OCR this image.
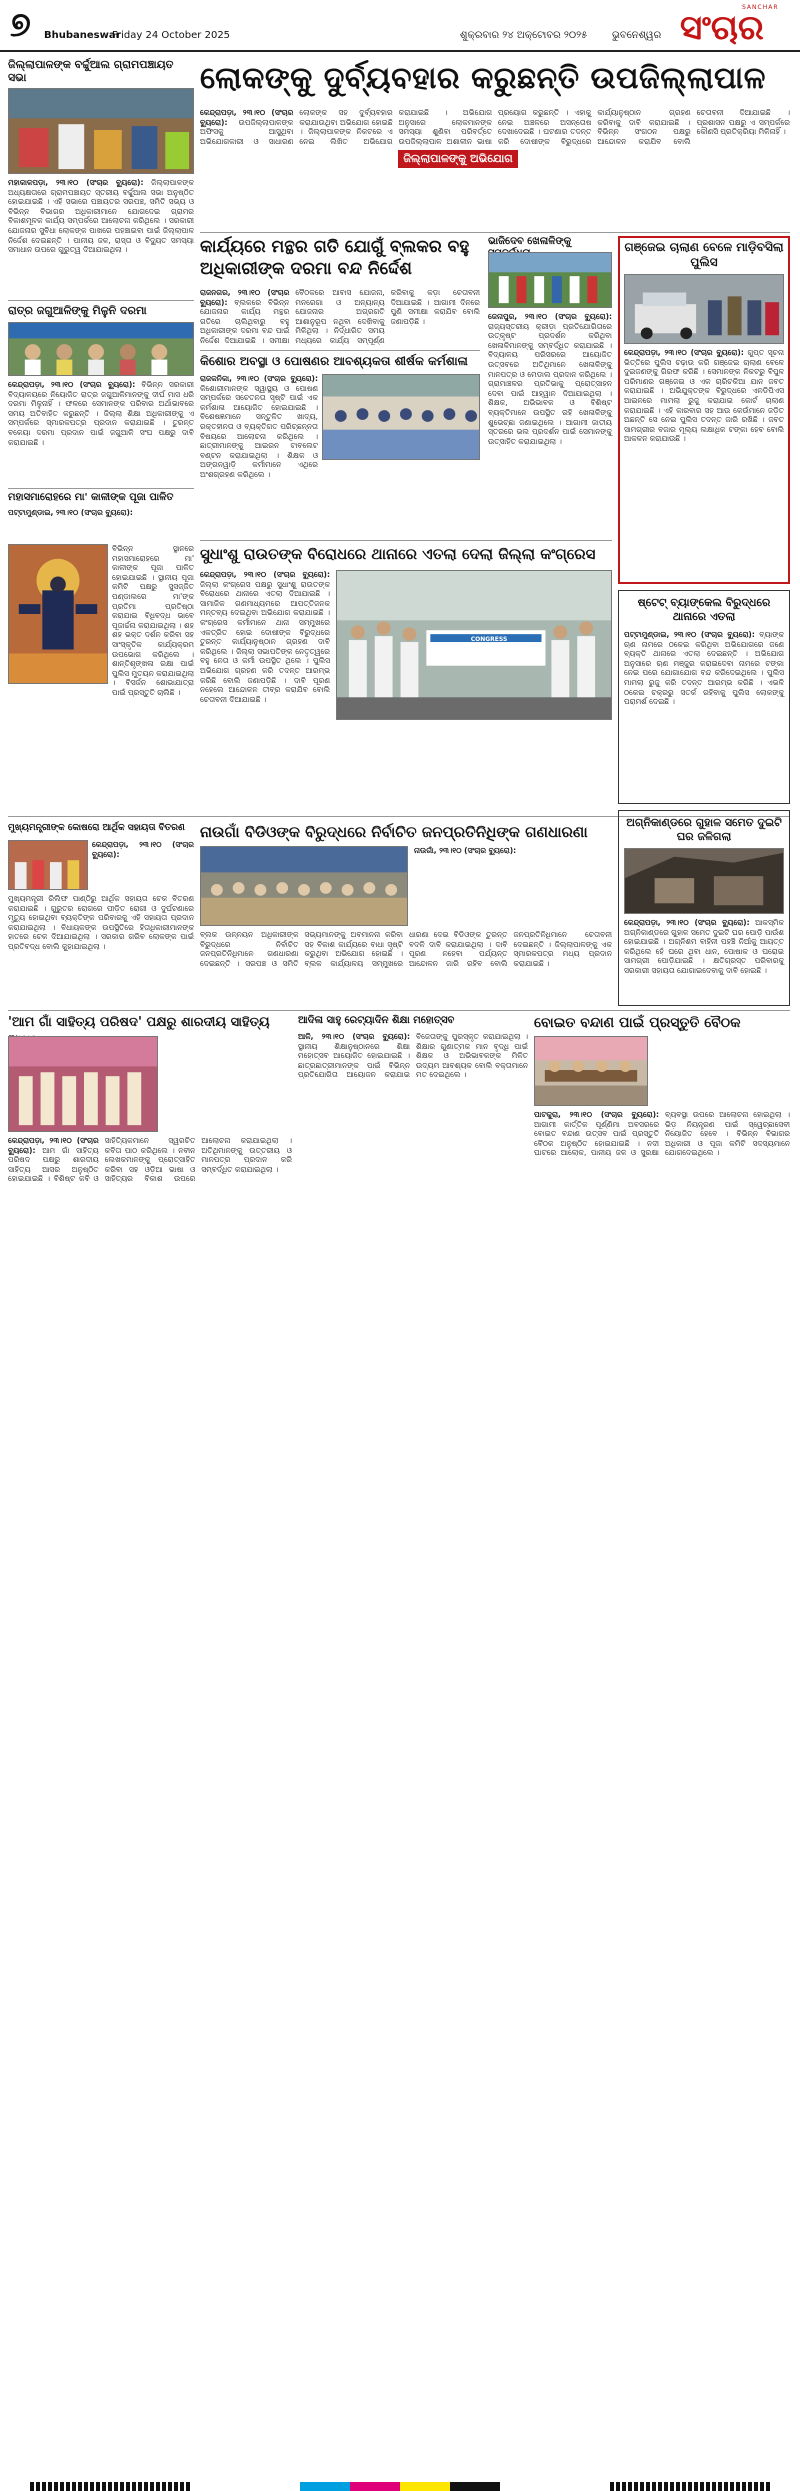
୭ Bhubaneswar
Friday 24 October 2025	ଶୁକ୍ରବାର ୨୪ ଅକ୍ଟୋବର ୨୦୨୫ ଭୁବନେଶ୍ୱର
SANCHAR
ସଂଚାର
ଜିଲ୍ଲାପାଳଙ୍କ ବର୍ଚ୍ଚୁଆଲ ଗ୍ରାମପଞ୍ଚାୟତ ସଭା
ମହାକାଳପଡ଼ା, ୨୩।୧୦ (ସଂଚାର ବ୍ୟୁରୋ): ଜିଲ୍ଲାପାଳଙ୍କ ଅଧ୍ୟକ୍ଷତାରେ ଗ୍ରାମପଞ୍ଚାୟତ ସ୍ତରୀୟ ବର୍ଚ୍ଚୁଆଲ ସଭା ଅନୁଷ୍ଠିତ ହୋଇଯାଇଛି । ଏହି ସଭାରେ ପଞ୍ଚାୟତର ସରପଞ୍ଚ, ସମିତି ସଭ୍ୟ ଓ ବିଭିନ୍ନ ବିଭାଗର ଅଧିକାରୀମାନେ ଯୋଗଦେଇ ଗ୍ରାମର ବିକାଶମୂଳକ କାର୍ଯ୍ୟ ସମ୍ପର୍କରେ ଆଲୋଚନା କରିଥିଲେ । ସରକାରୀ ଯୋଜନାର ସୁବିଧା ଲୋକଙ୍କ ପାଖରେ ପହଞ୍ଚାଇବା ପାଇଁ ଜିଲ୍ଲାପାଳ ନିର୍ଦ୍ଦେଶ ଦେଇଛନ୍ତି । ପାନୀୟ ଜଳ, ରାସ୍ତା ଓ ବିଦ୍ୟୁତ ସମସ୍ୟା ସମାଧାନ ଉପରେ ଗୁରୁତ୍ୱ ଦିଆଯାଇଥିଲା ।
ରାତ୍ର ଜଗୁଆଳିଙ୍କୁ ମିଳୁନି ଦରମା
କେନ୍ଦ୍ରାପଡ଼ା, ୨୩।୧୦ (ସଂଚାର ବ୍ୟୁରୋ): ବିଭିନ୍ନ ସରକାରୀ ବିଦ୍ୟାଳୟରେ ନିୟୋଜିତ ରାତ୍ର ଜଗୁଆଳିମାନଙ୍କୁ ଦୀର୍ଘ ମାସ ଧରି ଦରମା ମିଳୁନାହିଁ । ଫଳରେ ସେମାନଙ୍କ ପରିବାର ଅର୍ଥାଭାବରେ ସମୟ ଅତିବାହିତ କରୁଛନ୍ତି । ଜିଲ୍ଲା ଶିକ୍ଷା ଅଧିକାରୀଙ୍କୁ ଏ ସମ୍ପର୍କରେ ସ୍ମାରକପତ୍ର ପ୍ରଦାନ କରାଯାଇଛି । ତୁରନ୍ତ ବକେୟା ଦରମା ପ୍ରଦାନ ପାଇଁ ଜଗୁଆଳି ସଂଘ ପକ୍ଷରୁ ଦାବି କରାଯାଇଛି ।
ମହାସମାରୋହରେ ମା' କାଳୀଙ୍କ ପୂଜା ପାଳିତ
ପଟ୍ଟାମୁଣ୍ଡାଇ, ୨୩।୧୦ (ସଂଚାର ବ୍ୟୁରୋ):
ବିଭିନ୍ନ ସ୍ଥାନରେ ମହାସମାରୋହରେ ମା' କାଳୀଙ୍କ ପୂଜା ପାଳିତ ହୋଇଯାଇଛି । ସ୍ଥାନୀୟ ପୂଜା କମିଟି ପକ୍ଷରୁ ସୁସଜ୍ଜିତ ପଣ୍ଡାଲରେ ମା'ଙ୍କ ପ୍ରତିମା ପ୍ରତିଷ୍ଠା କରାଯାଇ ବିଧିବଦ୍ଧ ଭାବେ ପୂଜାର୍ଚ୍ଚନା କରାଯାଇଥିଲା । ଶହ ଶହ ଭକ୍ତ ଦର୍ଶନ କରିବା ସହ ସାଂସ୍କୃତିକ କାର୍ଯ୍ୟକ୍ରମ ଉପଭୋଗ କରିଥିଲେ । ଶାନ୍ତିଶୃଙ୍ଖଳା ରକ୍ଷା ପାଇଁ ପୁଲିସ ମୁତୟନ କରାଯାଇଥିଲା । ବିସର୍ଜନ ଶୋଭାଯାତ୍ରା ପାଇଁ ପ୍ରସ୍ତୁତି ଚାଲିଛି ।
ଲୋକଙ୍କୁ ଦୁର୍ବ୍ୟବହାର କରୁଛନ୍ତି ଉପଜିଲ୍ଲାପାଳ
କେନ୍ଦ୍ରାପଡ଼ା, ୨୩।୧୦ (ସଂଚାର ବ୍ୟୁରୋ): ଉପଜିଲ୍ଲାପାଳଙ୍କ ଅଫିସକୁ ଆସୁଥିବା ଅଭିଯୋଗକାରୀ ଓ ସାଧାରଣ ଲୋକଙ୍କ ସହ ଦୁର୍ବ୍ୟବହାର କରାଯାଉଥିବା ଅଭିଯୋଗ ହୋଇଛି । ଜିଲ୍ଲାପାଳଙ୍କ ନିକଟରେ ଏ ନେଇ ଲିଖିତ ଅଭିଯୋଗ କରାଯାଇଛି । ଅଭିଯୋଗ ଅନୁସାରେ ଲୋକମାନଙ୍କ ସମସ୍ୟା ଶୁଣିବା ପରିବର୍ତ୍ତେ ଉପଜିଲ୍ଲାପାଳ ଅଶାଳୀନ ଭାଷା ପ୍ରୟୋଗ କରୁଛନ୍ତି । ଏହାକୁ ନେଇ ଅଞ୍ଚଳରେ ଅସନ୍ତୋଷ ଦେଖାଦେଇଛି । ଘଟଣାର ତଦନ୍ତ କରି ଦୋଷୀଙ୍କ ବିରୁଦ୍ଧରେ କାର୍ଯ୍ୟାନୁଷ୍ଠାନ ଗ୍ରହଣ କରିବାକୁ ଦାବି କରାଯାଇଛି । ବିଭିନ୍ନ ସଂଗଠନ ପକ୍ଷରୁ ଆନ୍ଦୋଳନ କରାଯିବ ବୋଲି ଚେତାବନୀ ଦିଆଯାଇଛି । ପ୍ରଶାସନ ପକ୍ଷରୁ ଏ ସମ୍ପର୍କରେ କୌଣସି ପ୍ରତିକ୍ରିୟା ମିଳିନାହିଁ ।
ଜିଲ୍ଲାପାଳଙ୍କୁ ଅଭିଯୋଗ
କାର୍ଯ୍ୟରେ ମନ୍ଥର ଗତି ଯୋଗୁଁ ବ୍ଲକର ବହୁ ଅଧିକାରୀଙ୍କ ଦରମା ବନ୍ଦ ନିର୍ଦ୍ଦେଶ
ରାଜନଗର, ୨୩।୧୦ (ସଂଚାର ବ୍ୟୁରୋ): ବ୍ଲକରେ ବିଭିନ୍ନ ଯୋଜନାର କାର୍ଯ୍ୟ ମନ୍ଥର ଗତିରେ ଚାଲିଥିବାରୁ ବହୁ ଅଧିକାରୀଙ୍କ ଦରମା ବନ୍ଦ ପାଇଁ ନିର୍ଦ୍ଦେଶ ଦିଆଯାଇଛି । ସମୀକ୍ଷା ବୈଠକରେ ଆବାସ ଯୋଜନା, ମନରେଗା ଓ ଅନ୍ୟାନ୍ୟ ଯୋଜନାର ଅଗ୍ରଗତି ଆଶାନୁରୂପ ନଥିବା ଦେଖିବାକୁ ମିଳିଥିଲା । ନିର୍ଦ୍ଧାରିତ ସମୟ ମଧ୍ୟରେ କାର୍ଯ୍ୟ ସମ୍ପୂର୍ଣ୍ଣ କରିବାକୁ କଡ଼ା ଚେତାବନୀ ଦିଆଯାଇଛି । ଆଗାମୀ ଦିନରେ ପୁଣି ସମୀକ୍ଷା କରାଯିବ ବୋଲି ଜଣାପଡ଼ିଛି ।
ଭାଜିଦେବ ଖେଳାଳିଙ୍କୁ
ଜେନାପୁର, ୨୩।୧୦ (ସଂଚାର ବ୍ୟୁରୋ): ରାଜ୍ୟସ୍ତରୀୟ କ୍ରୀଡ଼ା ପ୍ରତିଯୋଗିତାରେ ଉତ୍କୃଷ୍ଟ ପ୍ରଦର୍ଶନ କରିଥିବା ଖେଳାଳିମାନଙ୍କୁ ସମ୍ବର୍ଦ୍ଧିତ କରାଯାଇଛି । ବିଦ୍ୟାଳୟ ପରିସରରେ ଆୟୋଜିତ ଉତ୍ସବରେ ଅତିଥିମାନେ ଖେଳାଳିଙ୍କୁ ମାନପତ୍ର ଓ ମେଡାଲ ପ୍ରଦାନ କରିଥିଲେ । ଗ୍ରାମାଞ୍ଚଳର ପ୍ରତିଭାକୁ ପ୍ରୋତ୍ସାହନ ଦେବା ପାଇଁ ଆହ୍ୱାନ ଦିଆଯାଇଥିଲା । ଶିକ୍ଷକ, ଅଭିଭାବକ ଓ ବିଶିଷ୍ଟ ବ୍ୟକ୍ତିମାନେ ଉପସ୍ଥିତ ରହି ଖେଳାଳିଙ୍କୁ ଶୁଭେଚ୍ଛା ଜଣାଇଥିଲେ । ଆଗାମୀ ଜାତୀୟ ସ୍ତରରେ ଭଲ ପ୍ରଦର୍ଶନ ପାଇଁ ସେମାନଙ୍କୁ ଉତ୍ସାହିତ କରାଯାଇଥିଲା ।
କିଶୋର ଅବସ୍ଥା ଓ ପୋଷଣର ଆବଶ୍ୟକତା ଶୀର୍ଷକ କର୍ମଶାଳା
ରାଜକନିକା, ୨୩।୧୦ (ସଂଚାର ବ୍ୟୁରୋ): କିଶୋରୀମାନଙ୍କ ସ୍ୱାସ୍ଥ୍ୟ ଓ ପୋଷଣ ସମ୍ପର୍କରେ ସଚେତନତା ସୃଷ୍ଟି ପାଇଁ ଏକ କର୍ମଶାଳା ଆୟୋଜିତ ହୋଇଯାଇଛି । ବିଶେଷଜ୍ଞମାନେ ସନ୍ତୁଳିତ ଖାଦ୍ୟ, ରକ୍ତହୀନତା ଓ ବ୍ୟକ୍ତିଗତ ପରିଚ୍ଛନ୍ନତା ବିଷୟରେ ଆଲୋଚନା କରିଥିଲେ । ଛାତ୍ରୀମାନଙ୍କୁ ଆଇରନ ଟାବଲେଟ ବଣ୍ଟନ କରାଯାଇଥିଲା । ଶିକ୍ଷକ ଓ ଅଙ୍ଗନୱାଡ଼ି କର୍ମୀମାନେ ଏଥିରେ ଅଂଶଗ୍ରହଣ କରିଥିଲେ ।
ଗଞ୍ଜେଇ ଚାଲାଣ ବେଳେ ମାଡ଼ିବସିଲା ପୁଲିସ
କେନ୍ଦ୍ରାପଡ଼ା, ୨୩।୧୦ (ସଂଚାର ବ୍ୟୁରୋ): ଗୁପ୍ତ ସୂଚନା ଭିତ୍ତିରେ ପୁଲିସ ଚଢ଼ାଉ କରି ଗଞ୍ଜେଇ ଚାଲାଣ ବେଳେ ଦୁଇଜଣଙ୍କୁ ଗିରଫ କରିଛି । ସେମାନଙ୍କ ନିକଟରୁ ବିପୁଳ ପରିମାଣର ଗଞ୍ଜେଇ ଓ ଏକ ଚାରିଚକିଆ ଯାନ ଜବତ କରାଯାଇଛି । ଅଭିଯୁକ୍ତଙ୍କ ବିରୁଦ୍ଧରେ ଏନଡିପିଏସ ଆଇନରେ ମାମଲା ରୁଜୁ କରାଯାଇ କୋର୍ଟ ଚାଲାଣ କରାଯାଇଛି । ଏହି କାରବାର ସହ ଆଉ କେଉଁମାନେ ଜଡ଼ିତ ଅଛନ୍ତି ସେ ନେଇ ପୁଲିସ ତଦନ୍ତ ଜାରି ରଖିଛି । ଜବତ ସାମଗ୍ରୀର ବଜାର ମୂଲ୍ୟ ଲକ୍ଷାଧିକ ଟଙ୍କା ହେବ ବୋଲି ଆକଳନ କରାଯାଉଛି ।
ଷ୍ଟେଟ୍ ବ୍ୟାଙ୍କେଲ ବିରୁଦ୍ଧରେ ଥାନାରେ ଏତଲା
ପଟ୍ଟାମୁଣ୍ଡାଇ, ୨୩।୧୦ (ସଂଚାର ବ୍ୟୁରୋ): ବ୍ୟାଙ୍କ ଋଣ ନାମରେ ଠକେଇ କରିଥିବା ଅଭିଯୋଗରେ ଜଣେ ବ୍ୟକ୍ତି ଥାନାରେ ଏତଲା ଦେଇଛନ୍ତି । ଅଭିଯୋଗ ଅନୁସାରେ ଋଣ ମଞ୍ଜୁର କରାଇଦେବା ନାମରେ ଟଙ୍କା ନେଇ ପରେ ଯୋଗାଯୋଗ ବନ୍ଦ କରିଦେଇଥିଲେ । ପୁଲିସ ମାମଲା ରୁଜୁ କରି ତଦନ୍ତ ଆରମ୍ଭ କରିଛି । ଏଭଳି ଠକେଇ ଚକ୍ରରୁ ସତର୍କ ରହିବାକୁ ପୁଲିସ ଲୋକଙ୍କୁ ପରାମର୍ଶ ଦେଇଛି ।
ସୁଧାଂଶୁ ରାଉତଙ୍କ ବିରୋଧରେ ଥାନାରେ ଏତଲା ଦେଲା ଜିଲ୍ଲା କଂଗ୍ରେସ
କେନ୍ଦ୍ରାପଡ଼ା, ୨୩।୧୦ (ସଂଚାର ବ୍ୟୁରୋ): ଜିଲ୍ଲା କଂଗ୍ରେସ ପକ୍ଷରୁ ସୁଧାଂଶୁ ରାଉତଙ୍କ ବିରୋଧରେ ଥାନାରେ ଏତଲା ଦିଆଯାଇଛି । ସାମାଜିକ ଗଣମାଧ୍ୟମରେ ଆପତ୍ତିଜନକ ମନ୍ତବ୍ୟ ଦେଇଥିବା ଅଭିଯୋଗ କରାଯାଇଛି । କଂଗ୍ରେସ କର୍ମୀମାନେ ଥାନା ସମ୍ମୁଖରେ ଏକତ୍ରିତ ହୋଇ ଦୋଷୀଙ୍କ ବିରୁଦ୍ଧରେ ତୁରନ୍ତ କାର୍ଯ୍ୟାନୁଷ୍ଠାନ ଗ୍ରହଣ ଦାବି କରିଥିଲେ । ଜିଲ୍ଲା ସଭାପତିଙ୍କ ନେତୃତ୍ୱରେ ବହୁ ନେତା ଓ କର୍ମୀ ଉପସ୍ଥିତ ଥିଲେ । ପୁଲିସ ଅଭିଯୋଗ ଗ୍ରହଣ କରି ତଦନ୍ତ ଆରମ୍ଭ କରିଛି ବୋଲି ଜଣାପଡ଼ିଛି । ଦାବି ପୂରଣ ନହେଲେ ଆନ୍ଦୋଳନ ତୀବ୍ର କରାଯିବ ବୋଲି ଚେତାବନୀ ଦିଆଯାଇଛି ।
CONGRESS
ଅଗ୍ନିକାଣ୍ଡରେ ଗୁହାଳ ସମେତ ଦୁଇଟି ଘର ଜଳିଗଲା
କେନ୍ଦ୍ରାପଡ଼ା, ୨୩।୧୦ (ସଂଚାର ବ୍ୟୁରୋ): ଆକସ୍ମିକ ଅଗ୍ନିକାଣ୍ଡରେ ଗୁହାଳ ସମେତ ଦୁଇଟି ଘର ପୋଡ଼ି ପାଉଁଶ ହୋଇଯାଇଛି । ଅଗ୍ନିଶମ ବାହିନୀ ପହଞ୍ଚି ନିଆଁକୁ ଆୟତ୍ତ କରିଥିଲେ ହେଁ ଘରେ ଥିବା ଧାନ, ପୋଷାକ ଓ ଘରୋଇ ସାମଗ୍ରୀ ପୋଡ଼ିଯାଇଛି । କ୍ଷତିଗ୍ରସ୍ତ ପରିବାରକୁ ସରକାରୀ ସହାୟତା ଯୋଗାଇଦେବାକୁ ଦାବି ହୋଇଛି ।
ମୁଖ୍ୟମନ୍ତ୍ରୀଙ୍କ କୋଷରୋ ଆର୍ଥିକ ସହାୟତା ବିତରଣ
କେନ୍ଦ୍ରାପଡ଼ା, ୨୩।୧୦ (ସଂଚାର ବ୍ୟୁରୋ):
ମୁଖ୍ୟମନ୍ତ୍ରୀ ରିଲିଫ ପାଣ୍ଠିରୁ ଆର୍ଥିକ ସହାୟତା ଚେକ ବିତରଣ କରାଯାଇଛି । ଗୁରୁତର ରୋଗରେ ପୀଡ଼ିତ ରୋଗୀ ଓ ଦୁର୍ଘଟଣାରେ ମୃତ୍ୟୁ ହୋଇଥିବା ବ୍ୟକ୍ତିଙ୍କ ପରିବାରକୁ ଏହି ସହାୟତା ପ୍ରଦାନ କରାଯାଇଥିଲା । ବିଧାୟକଙ୍କ ଉପସ୍ଥିତିରେ ହିତାଧିକାରୀମାନଙ୍କ ହାତରେ ଚେକ ଦିଆଯାଇଥିଲା । ସରକାର ଗରିବ ଲୋକଙ୍କ ପାଇଁ ପ୍ରତିବଦ୍ଧ ବୋଲି କୁହାଯାଇଥିଲା ।
ନାଉଗାଁ ବିଡିଓଙ୍କ ବିରୁଦ୍ଧରେ ନିର୍ବାଚିତ ଜନପ୍ରତିନିଧିଙ୍କ ଗଣଧାରଣା
ନାଉଗାଁ, ୨୩।୧୦ (ସଂଚାର ବ୍ୟୁରୋ):
ବ୍ଲକ ଉନ୍ନୟନ ଅଧିକାରୀଙ୍କ ବିରୁଦ୍ଧରେ ନିର୍ବାଚିତ ଜନପ୍ରତିନିଧିମାନେ ଗଣଧାରଣା ଦେଇଛନ୍ତି । ସରପଞ୍ଚ ଓ ସମିତି ସଭ୍ୟମାନଙ୍କୁ ଅବମାନନା କରିବା ସହ ବିକାଶ କାର୍ଯ୍ୟରେ ବାଧା ସୃଷ୍ଟି କରୁଥିବା ଅଭିଯୋଗ ହୋଇଛି । ବ୍ଲକ କାର୍ଯ୍ୟାଳୟ ସମ୍ମୁଖରେ ଧାରଣା ଦେଇ ବିଡିଓଙ୍କ ତୁରନ୍ତ ବଦଳି ଦାବି କରାଯାଇଥିଲା । ଦାବି ପୂରଣ ନହେବା ପର୍ଯ୍ୟନ୍ତ ଆନ୍ଦୋଳନ ଜାରି ରହିବ ବୋଲି ଜନପ୍ରତିନିଧିମାନେ ଚେତାବନୀ ଦେଇଛନ୍ତି । ଜିଲ୍ଲାପାଳଙ୍କୁ ଏକ ସ୍ମାରକପତ୍ର ମଧ୍ୟ ପ୍ରଦାନ କରାଯାଇଛି ।
'ଆମ ଗାଁ ସାହିତ୍ୟ ପରିଷଦ' ପକ୍ଷରୁ ଶାରଦୀୟ ସାହିତ୍ୟ
କେନ୍ଦ୍ରାପଡ଼ା, ୨୩।୧୦ (ସଂଚାର ବ୍ୟୁରୋ): ଆମ ଗାଁ ସାହିତ୍ୟ ପରିଷଦ ପକ୍ଷରୁ ଶାରଦୀୟ ସାହିତ୍ୟ ଆସର ଅନୁଷ୍ଠିତ ହୋଇଯାଇଛି । ବିଶିଷ୍ଟ କବି ଓ ସାହିତ୍ୟିକମାନେ ସ୍ୱରଚିତ କବିତା ପାଠ କରିଥିଲେ । ନବୀନ ଲେଖକମାନଙ୍କୁ ପ୍ରୋତ୍ସାହିତ କରିବା ସହ ଓଡ଼ିଆ ଭାଷା ଓ ସାହିତ୍ୟର ବିକାଶ ଉପରେ ଆଲୋଚନା କରାଯାଇଥିଲା । ଅତିଥିମାନଙ୍କୁ ଉତ୍ତରୀୟ ଓ ମାନପତ୍ର ପ୍ରଦାନ କରି ସମ୍ବର୍ଦ୍ଧିତ କରାଯାଇଥିଲା ।
ଆଦିଳା ସାହୁ ରେଟ୍ୟାଦିନ ଶିକ୍ଷା ମହୋତ୍ସବ
ଆଳି, ୨୩।୧୦ (ସଂଚାର ବ୍ୟୁରୋ): ସ୍ଥାନୀୟ ଶିକ୍ଷାନୁଷ୍ଠାନରେ ଶିକ୍ଷା ମହୋତ୍ସବ ଆୟୋଜିତ ହୋଇଯାଇଛି । ଛାତ୍ରଛାତ୍ରୀମାନଙ୍କ ପାଇଁ ବିଭିନ୍ନ ପ୍ରତିଯୋଗିତା ଆୟୋଜନ କରାଯାଇ ବିଜେତାଙ୍କୁ ପୁରସ୍କୃତ କରାଯାଇଥିଲା । ଶିକ୍ଷାର ଗୁଣାତ୍ମକ ମାନ ବୃଦ୍ଧି ପାଇଁ ଶିକ୍ଷକ ଓ ଅଭିଭାବକଙ୍କ ମିଳିତ ଉଦ୍ୟମ ଆବଶ୍ୟକ ବୋଲି ବକ୍ତାମାନେ ମତ ଦେଇଥିଲେ ।
ବୋଇତ ବନ୍ଦାଣ ପାଇଁ ପ୍ରସ୍ତୁତି ବୈଠକ
ପାଟକୁରା, ୨୩।୧୦ (ସଂଚାର ବ୍ୟୁରୋ): ଆଗାମୀ କାର୍ତ୍ତିକ ପୂର୍ଣ୍ଣିମା ଅବସରରେ ବୋଇତ ବନ୍ଦାଣ ଉତ୍ସବ ପାଇଁ ପ୍ରସ୍ତୁତି ବୈଠକ ଅନୁଷ୍ଠିତ ହୋଇଯାଇଛି । ନଦୀ ଘାଟରେ ଆଲୋକ, ପାନୀୟ ଜଳ ଓ ସୁରକ୍ଷା ବ୍ୟବସ୍ଥା ଉପରେ ଆଲୋଚନା ହୋଇଥିଲା । ଭିଡ଼ ନିୟନ୍ତ୍ରଣ ପାଇଁ ସ୍ୱେଚ୍ଛାସେବୀ ନିୟୋଜିତ ହେବେ । ବିଭିନ୍ନ ବିଭାଗର ଅଧିକାରୀ ଓ ପୂଜା କମିଟି ସଦସ୍ୟମାନେ ଯୋଗଦେଇଥିଲେ ।
